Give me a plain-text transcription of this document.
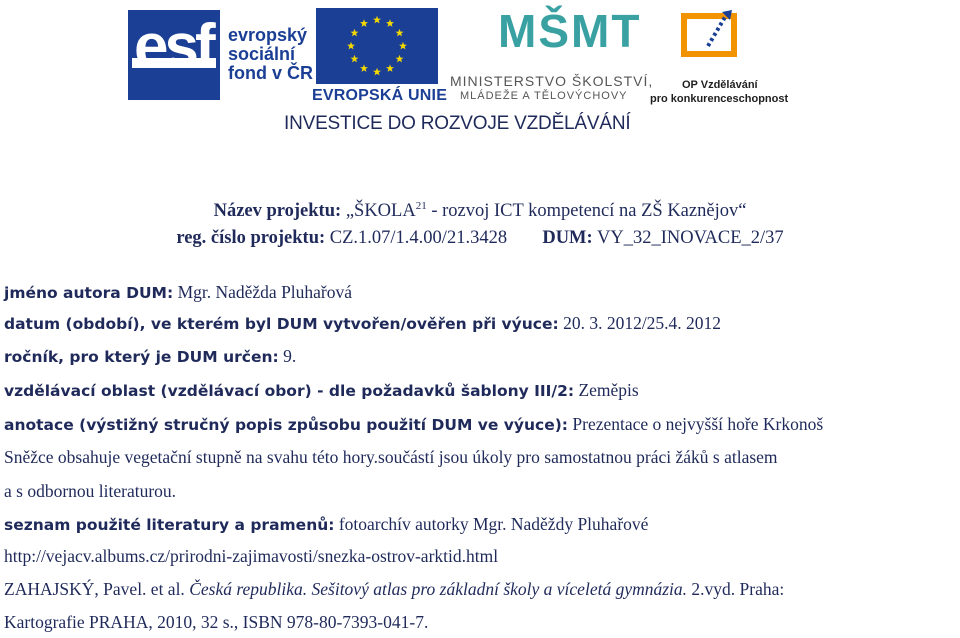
esf evropský
sociální
fond v ČR
EVROPSKÁ UNIE
MŠMT
MINISTERSTVO ŠKOLSTVÍ,
MLÁDEŽE A TĚLOVÝCHOVY
OP Vzdělávání
pro konkurenceschopnost
INVESTICE DO ROZVOJE VZDĚLÁVÁNÍ
Název projektu: „ŠKOLA$^{21}$ - rozvoj ICT kompetencí na ZŠ Kaznějov“
reg. číslo projektu: CZ.1.07/1.4.00/21.3428 DUM: VY_32_INOVACE_2/37
jméno autora DUM: Mgr. Naděžda Pluhařová
datum (období), ve kterém byl DUM vytvořen/ověřen při výuce: 20. 3. 2012/25.4. 2012
ročník, pro který je DUM určen: 9.
vzdělávací oblast (vzdělávací obor) - dle požadavků šablony III/2: Zeměpis
anotace (výstižný stručný popis způsobu použití DUM ve výuce): Prezentace o nejvyšší hoře Krkonoš
Sněžce obsahuje vegetační stupně na svahu této hory.součástí jsou úkoly pro samostatnou práci žáků s atlasem
a s odbornou literaturou.
seznam použité literatury a pramenů: fotoarchív autorky Mgr. Naděždy Pluhařové
http://vejacv.albums.cz/prirodni-zajimavosti/snezka-ostrov-arktid.html
ZAHAJSKÝ, Pavel. et al. Česká republika. Sešitový atlas pro základní školy a víceletá gymnázia. 2.vyd. Praha:
Kartografie PRAHA, 2010, 32 s., ISBN 978-80-7393-041-7.
